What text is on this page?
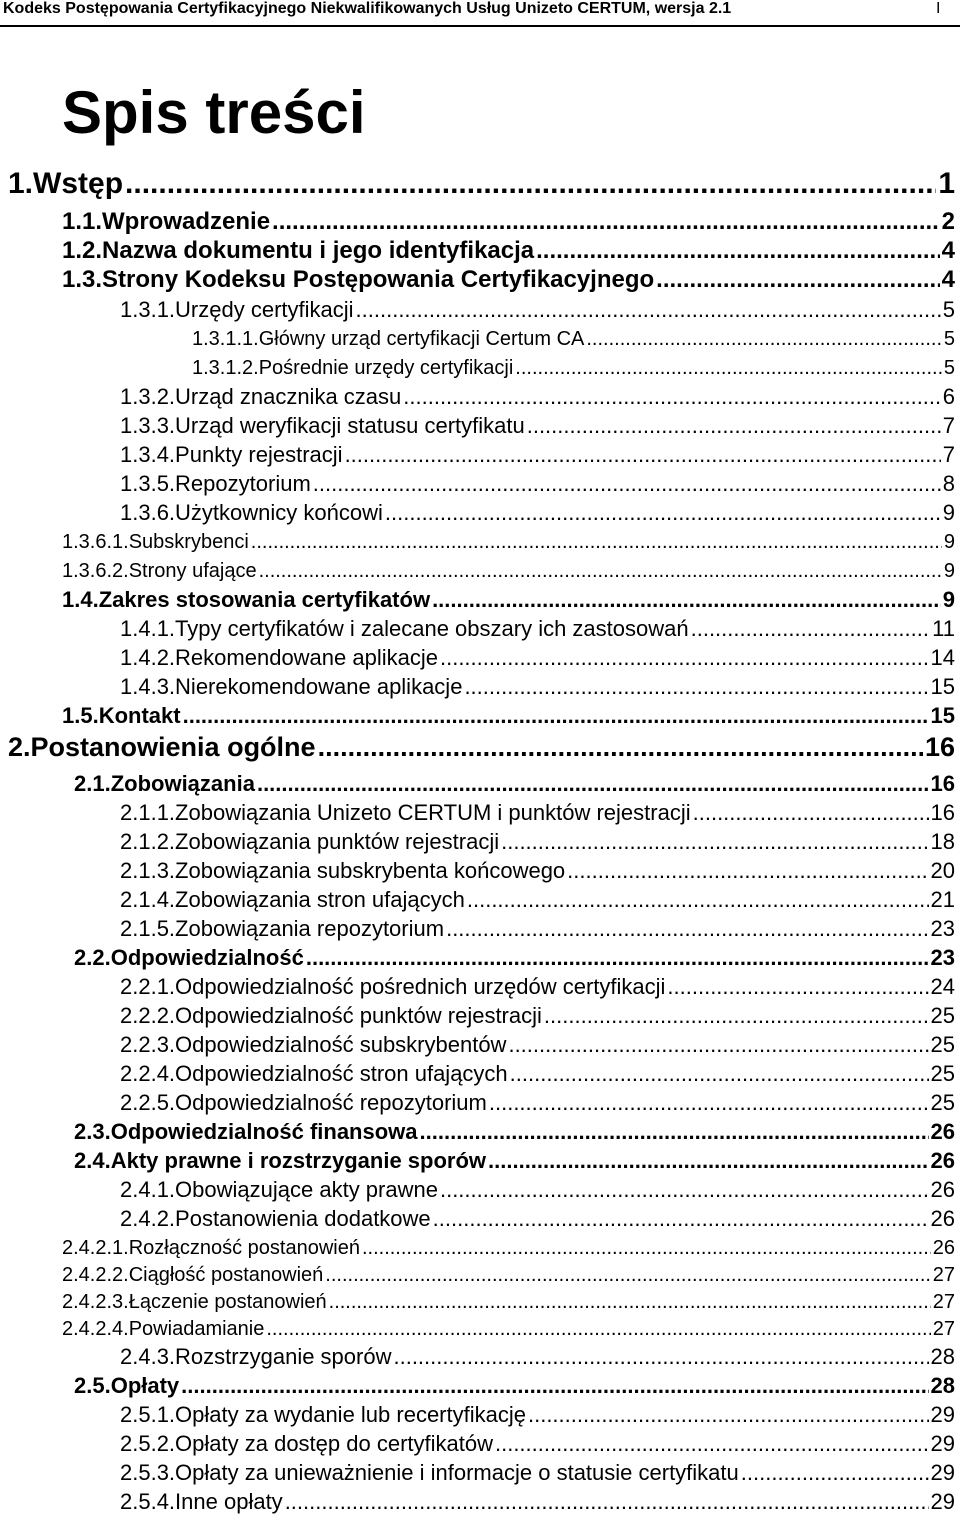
Kodeks Postępowania Certyfikacyjnego Niekwalifikowanych Usług Unizeto CERTUM, wersja 2.1	I
Spis treści
1. Wstęp .....	1
1.1. Wprowadzenie .....	2
1.2. Nazwa dokumentu i jego identyfikacja .....	4
1.3. Strony Kodeksu Postępowania Certyfikacyjnego .....	4
1.3.1. Urzędy certyfikacji .....	5
1.3.1.1. Główny urząd certyfikacji Certum CA .....	5
1.3.1.2. Pośrednie urzędy certyfikacji .....	5
1.3.2. Urząd znacznika czasu .....	6
1.3.3. Urząd weryfikacji statusu certyfikatu .....	7
1.3.4. Punkty rejestracji .....	7
1.3.5. Repozytorium .....	8
1.3.6. Użytkownicy końcowi .....	9
1.3.6.1. Subskrybenci .....	9
1.3.6.2. Strony ufające .....	9
1.4. Zakres stosowania certyfikatów .....	9
1.4.1. Typy certyfikatów i zalecane obszary ich zastosowań .....	11
1.4.2. Rekomendowane aplikacje .....	14
1.4.3. Nierekomendowane aplikacje .....	15
1.5. Kontakt .....	15
2. Postanowienia ogólne .....	16
2.1. Zobowiązania .....	16
2.1.1. Zobowiązania Unizeto CERTUM i punktów rejestracji .....	16
2.1.2. Zobowiązania punktów rejestracji .....	18
2.1.3. Zobowiązania subskrybenta końcowego .....	20
2.1.4. Zobowiązania stron ufających .....	21
2.1.5. Zobowiązania repozytorium .....	23
2.2. Odpowiedzialność .....	23
2.2.1. Odpowiedzialność pośrednich urzędów certyfikacji .....	24
2.2.2. Odpowiedzialność punktów rejestracji .....	25
2.2.3. Odpowiedzialność subskrybentów .....	25
2.2.4. Odpowiedzialność stron ufających .....	25
2.2.5. Odpowiedzialność repozytorium .....	25
2.3. Odpowiedzialność finansowa .....	26
2.4. Akty prawne i rozstrzyganie sporów .....	26
2.4.1. Obowiązujące akty prawne .....	26
2.4.2. Postanowienia dodatkowe .....	26
2.4.2.1. Rozłączność postanowień .....	26
2.4.2.2. Ciągłość postanowień .....	27
2.4.2.3. Łączenie postanowień .....	27
2.4.2.4. Powiadamianie .....	27
2.4.3. Rozstrzyganie sporów .....	28
2.5. Opłaty .....	28
2.5.1. Opłaty za wydanie lub recertyfikację .....	29
2.5.2. Opłaty za dostęp do certyfikatów .....	29
2.5.3. Opłaty za unieważnienie i informacje o statusie certyfikatu .....	29
2.5.4. Inne opłaty .....	29
